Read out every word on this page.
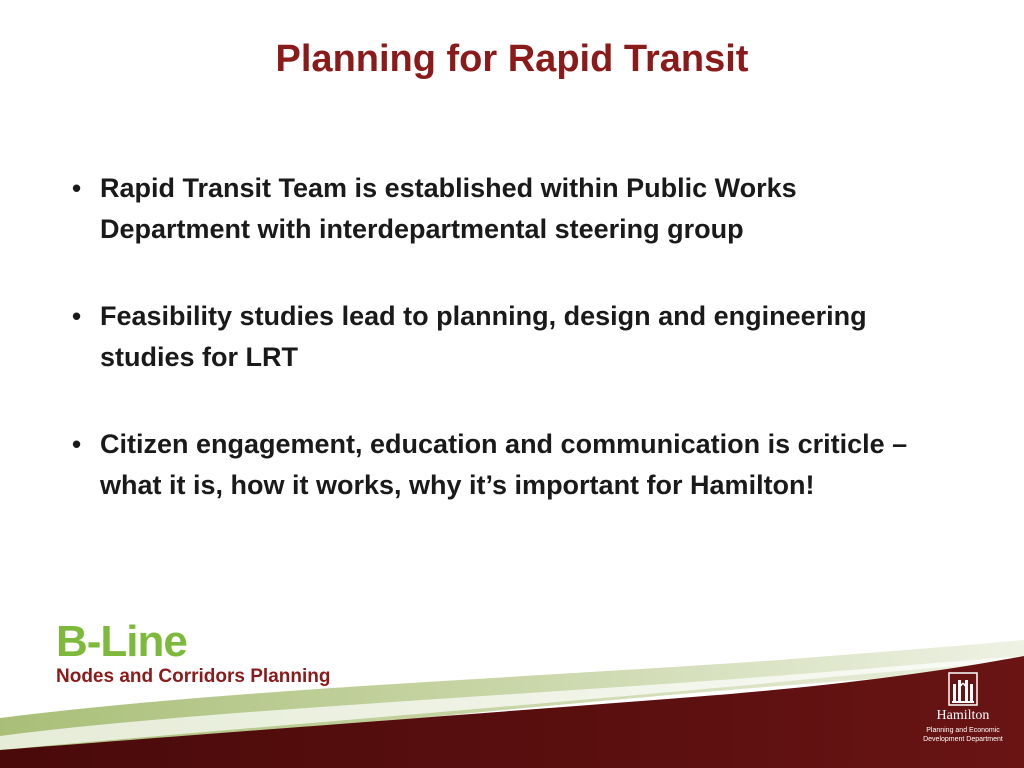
Planning for Rapid Transit
• Rapid Transit Team is established within Public Works Department with interdepartmental steering group
• Feasibility studies lead to planning, design and engineering studies for LRT
• Citizen engagement, education and communication is criticle – what it is, how it works, why it’s important for Hamilton!
B-Line
Nodes and Corridors Planning
Hamilton
Planning and Economic
Development Department
